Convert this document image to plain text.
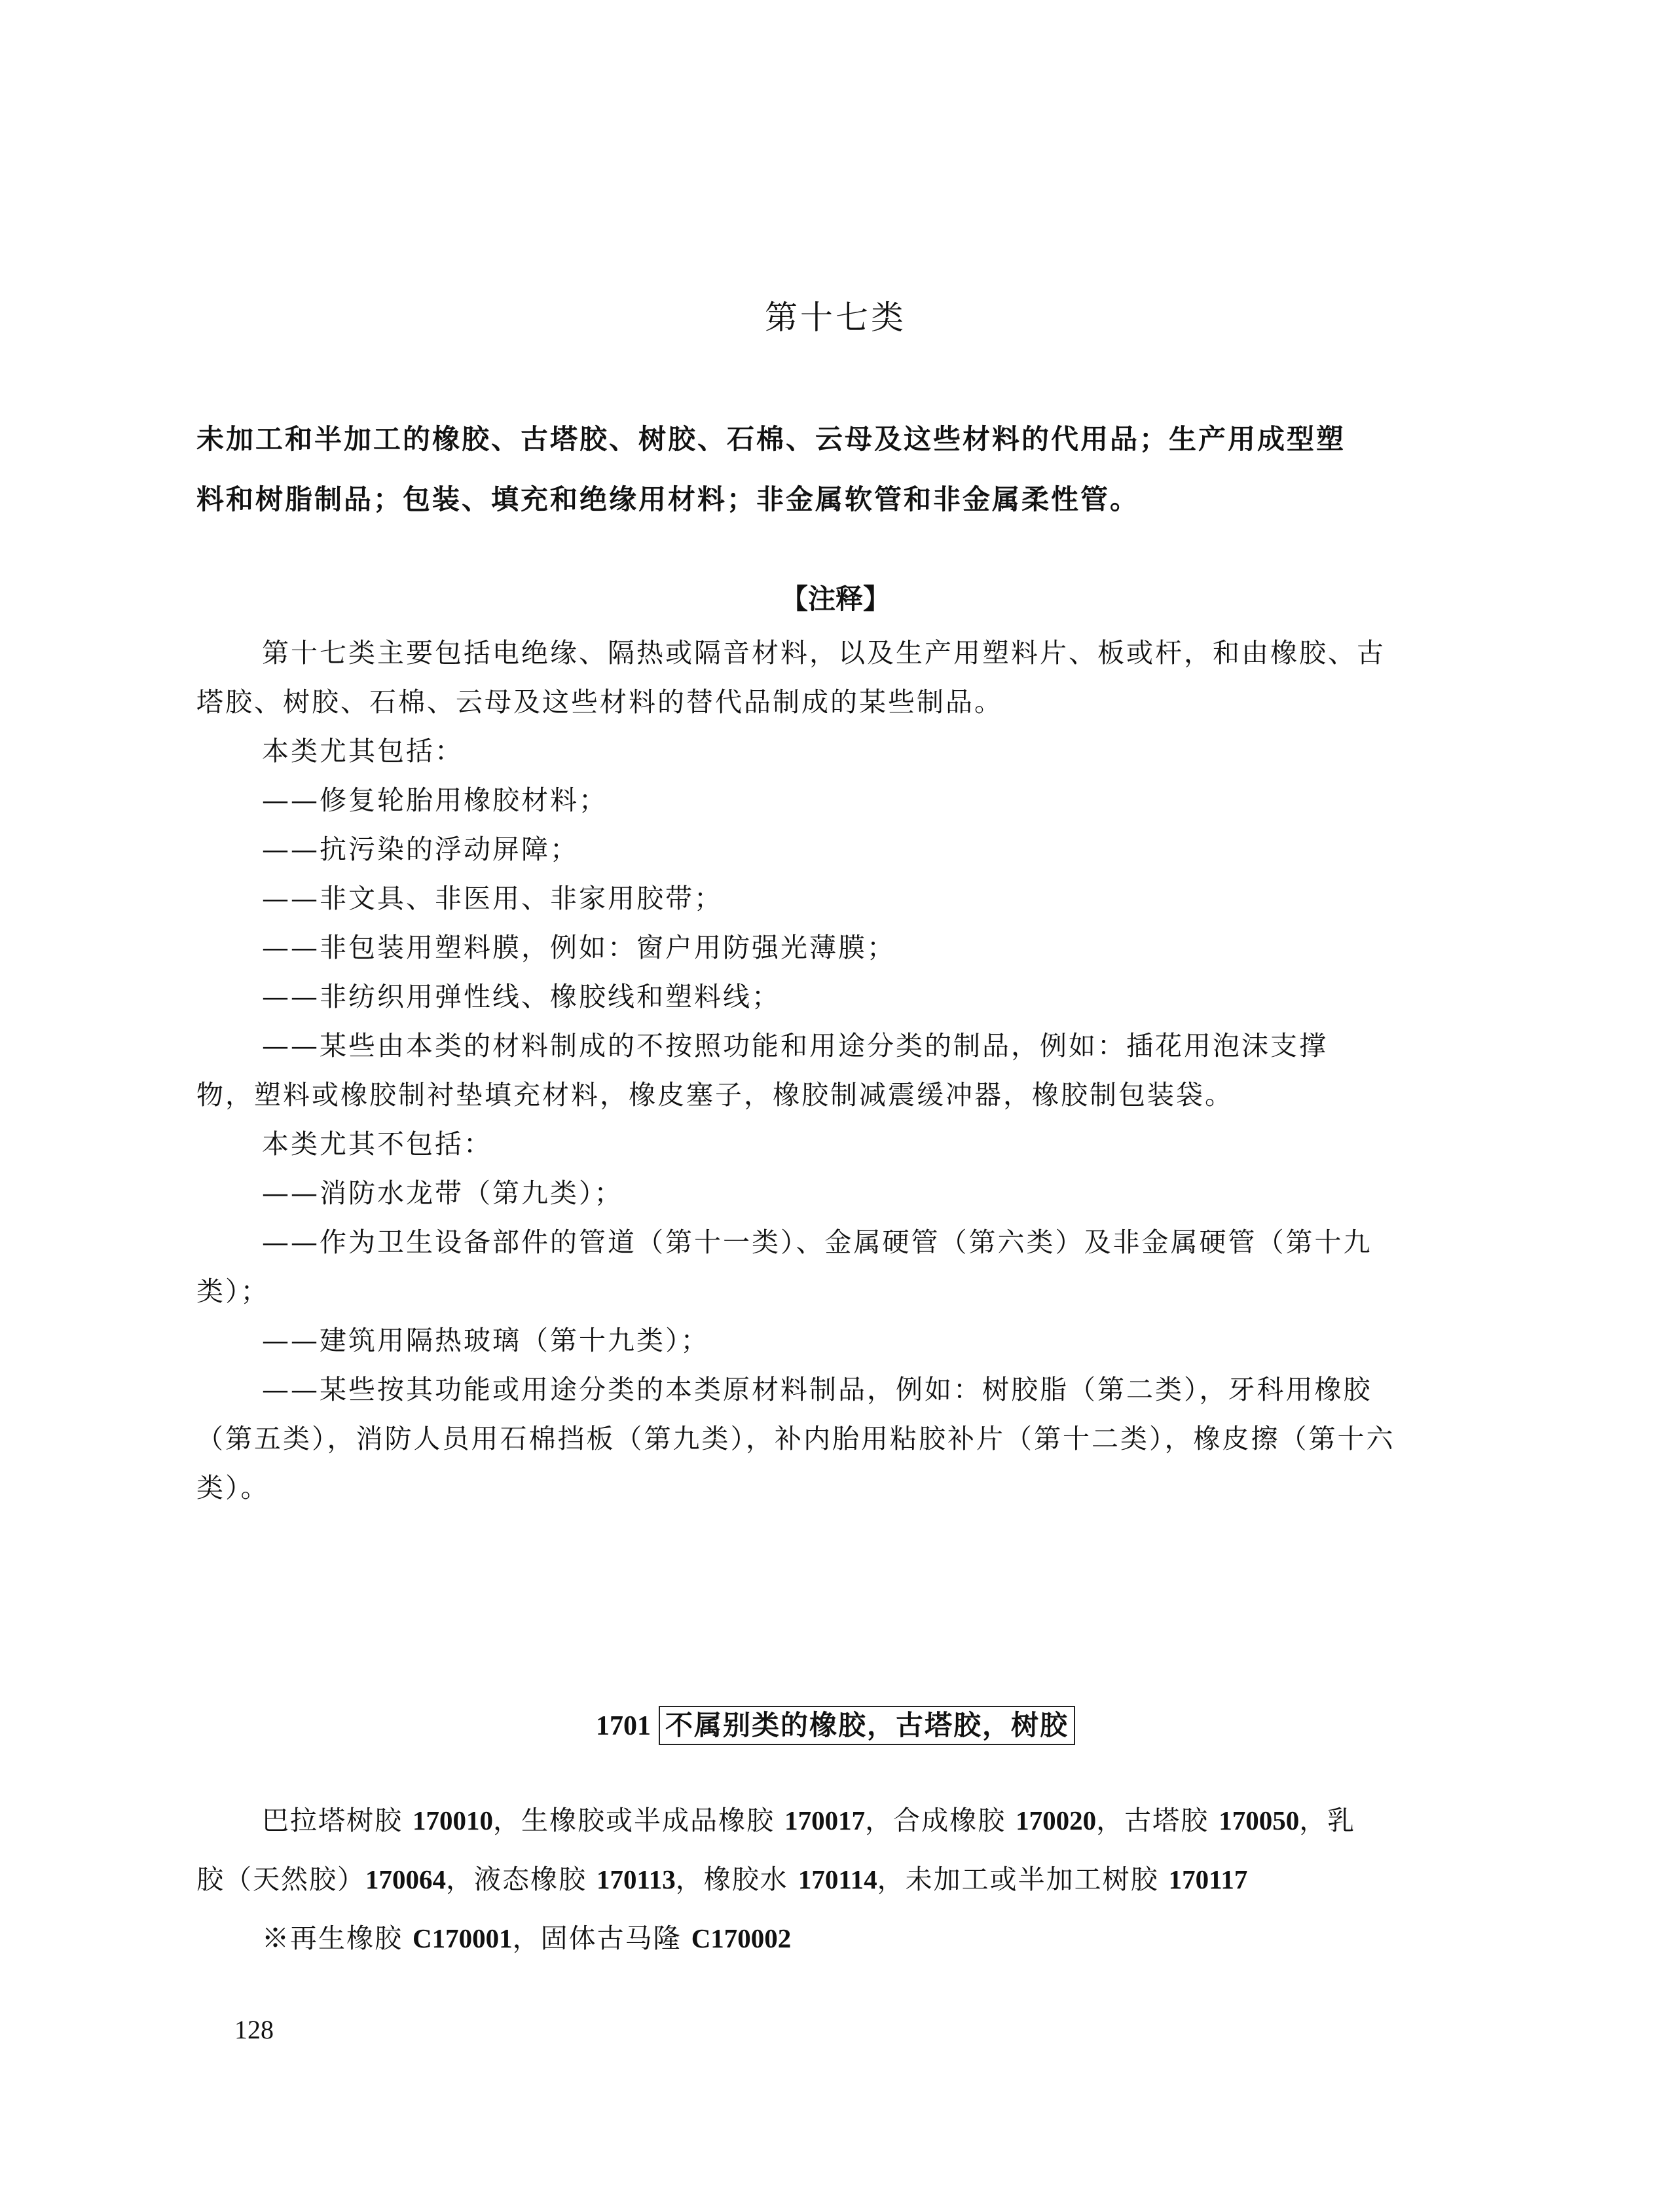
第十七类
未加工和半加工的橡胶、古塔胶、树胶、石棉、云母及这些材料的代用品；生产用成型塑
料和树脂制品；包装、填充和绝缘用材料；非金属软管和非金属柔性管。
【注释】
第十七类主要包括电绝缘、隔热或隔音材料，以及生产用塑料片、板或杆，和由橡胶、古
塔胶、树胶、石棉、云母及这些材料的替代品制成的某些制品。
本类尤其包括：
——修复轮胎用橡胶材料；
——抗污染的浮动屏障；
——非文具、非医用、非家用胶带；
——非包装用塑料膜，例如：窗户用防强光薄膜；
——非纺织用弹性线、橡胶线和塑料线；
——某些由本类的材料制成的不按照功能和用途分类的制品，例如：插花用泡沫支撑
物，塑料或橡胶制衬垫填充材料，橡皮塞子，橡胶制减震缓冲器，橡胶制包装袋。
本类尤其不包括：
——消防水龙带（第九类）；
——作为卫生设备部件的管道（第十一类）、金属硬管（第六类）及非金属硬管（第十九
类）；
——建筑用隔热玻璃（第十九类）；
——某些按其功能或用途分类的本类原材料制品，例如：树胶脂（第二类），牙科用橡胶
（第五类），消防人员用石棉挡板（第九类），补内胎用粘胶补片（第十二类），橡皮擦（第十六
类）。
1701 不属别类的橡胶，古塔胶，树胶
巴拉塔树胶 170010，生橡胶或半成品橡胶 170017，合成橡胶 170020，古塔胶 170050，乳
胶（天然胶）170064，液态橡胶 170113，橡胶水 170114，未加工或半加工树胶 170117
※再生橡胶 C170001，固体古马隆 C170002
128
